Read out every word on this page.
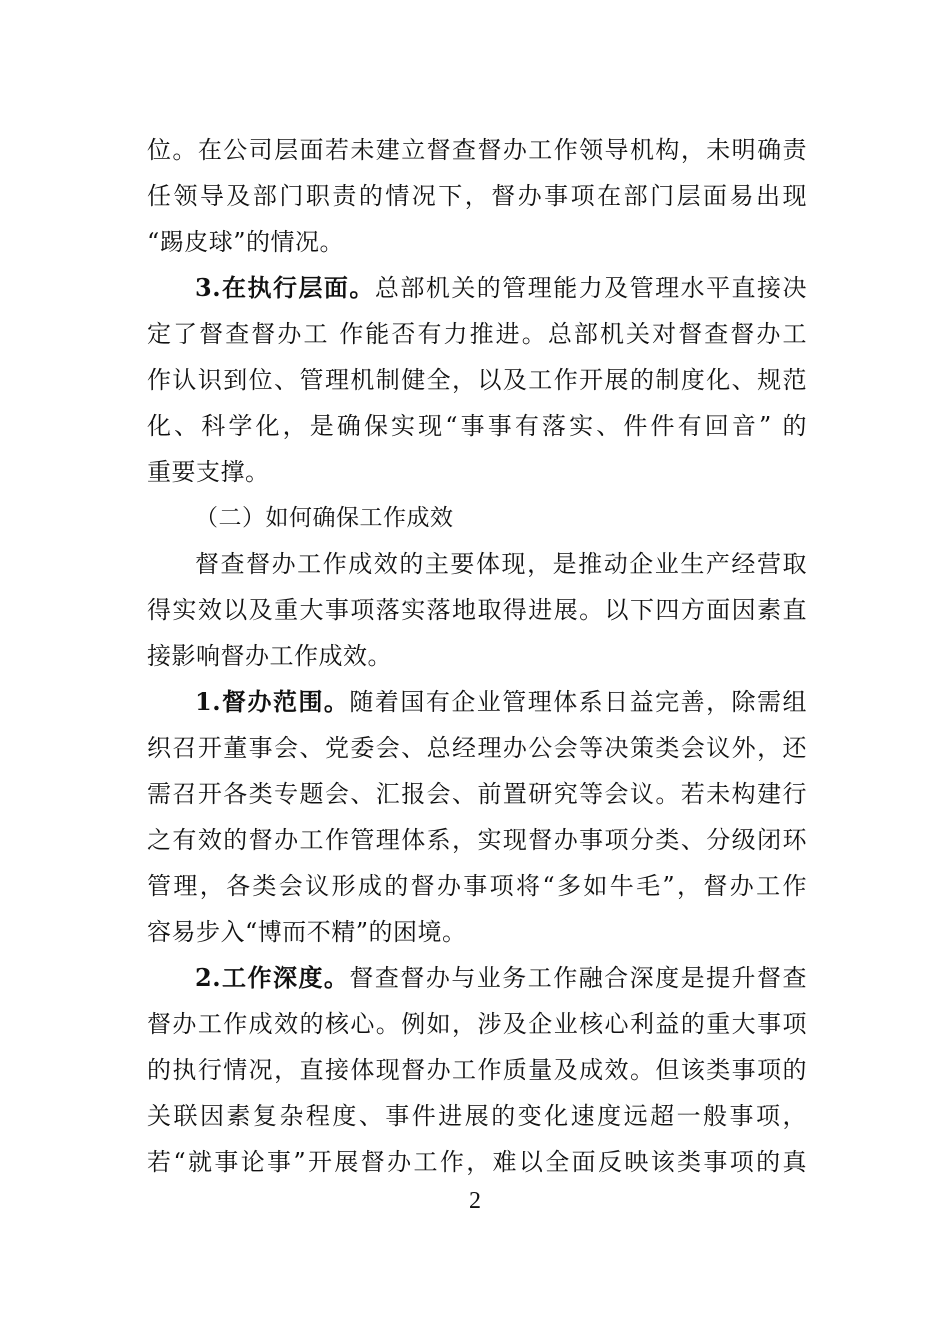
位。在公司层面若未建立督查督办工作领导机构，未明确责
任领导及部门职责的情况下，督办事项在部门层面易出现
“踢皮球”的情况。
3.在执行层面。总部机关的管理能力及管理水平直接决
定了督查督办工 作能否有力推进。总部机关对督查督办工
作认识到位、管理机制健全，以及工作开展的制度化、规范
化、科学化，是确保实现“事事有落实、件件有回音” 的
重要支撑。
（二）如何确保工作成效
督查督办工作成效的主要体现，是推动企业生产经营取
得实效以及重大事项落实落地取得进展。以下四方面因素直
接影响督办工作成效。
1.督办范围。随着国有企业管理体系日益完善，除需组
织召开董事会、党委会、总经理办公会等决策类会议外，还
需召开各类专题会、汇报会、前置研究等会议。若未构建行
之有效的督办工作管理体系，实现督办事项分类、分级闭环
管理，各类会议形成的督办事项将“多如牛毛”，督办工作
容易步入“博而不精”的困境。
2.工作深度。督查督办与业务工作融合深度是提升督查
督办工作成效的核心。例如，涉及企业核心利益的重大事项
的执行情况，直接体现督办工作质量及成效。但该类事项的
关联因素复杂程度、事件进展的变化速度远超一般事项，
若“就事论事”开展督办工作，难以全面反映该类事项的真
2
